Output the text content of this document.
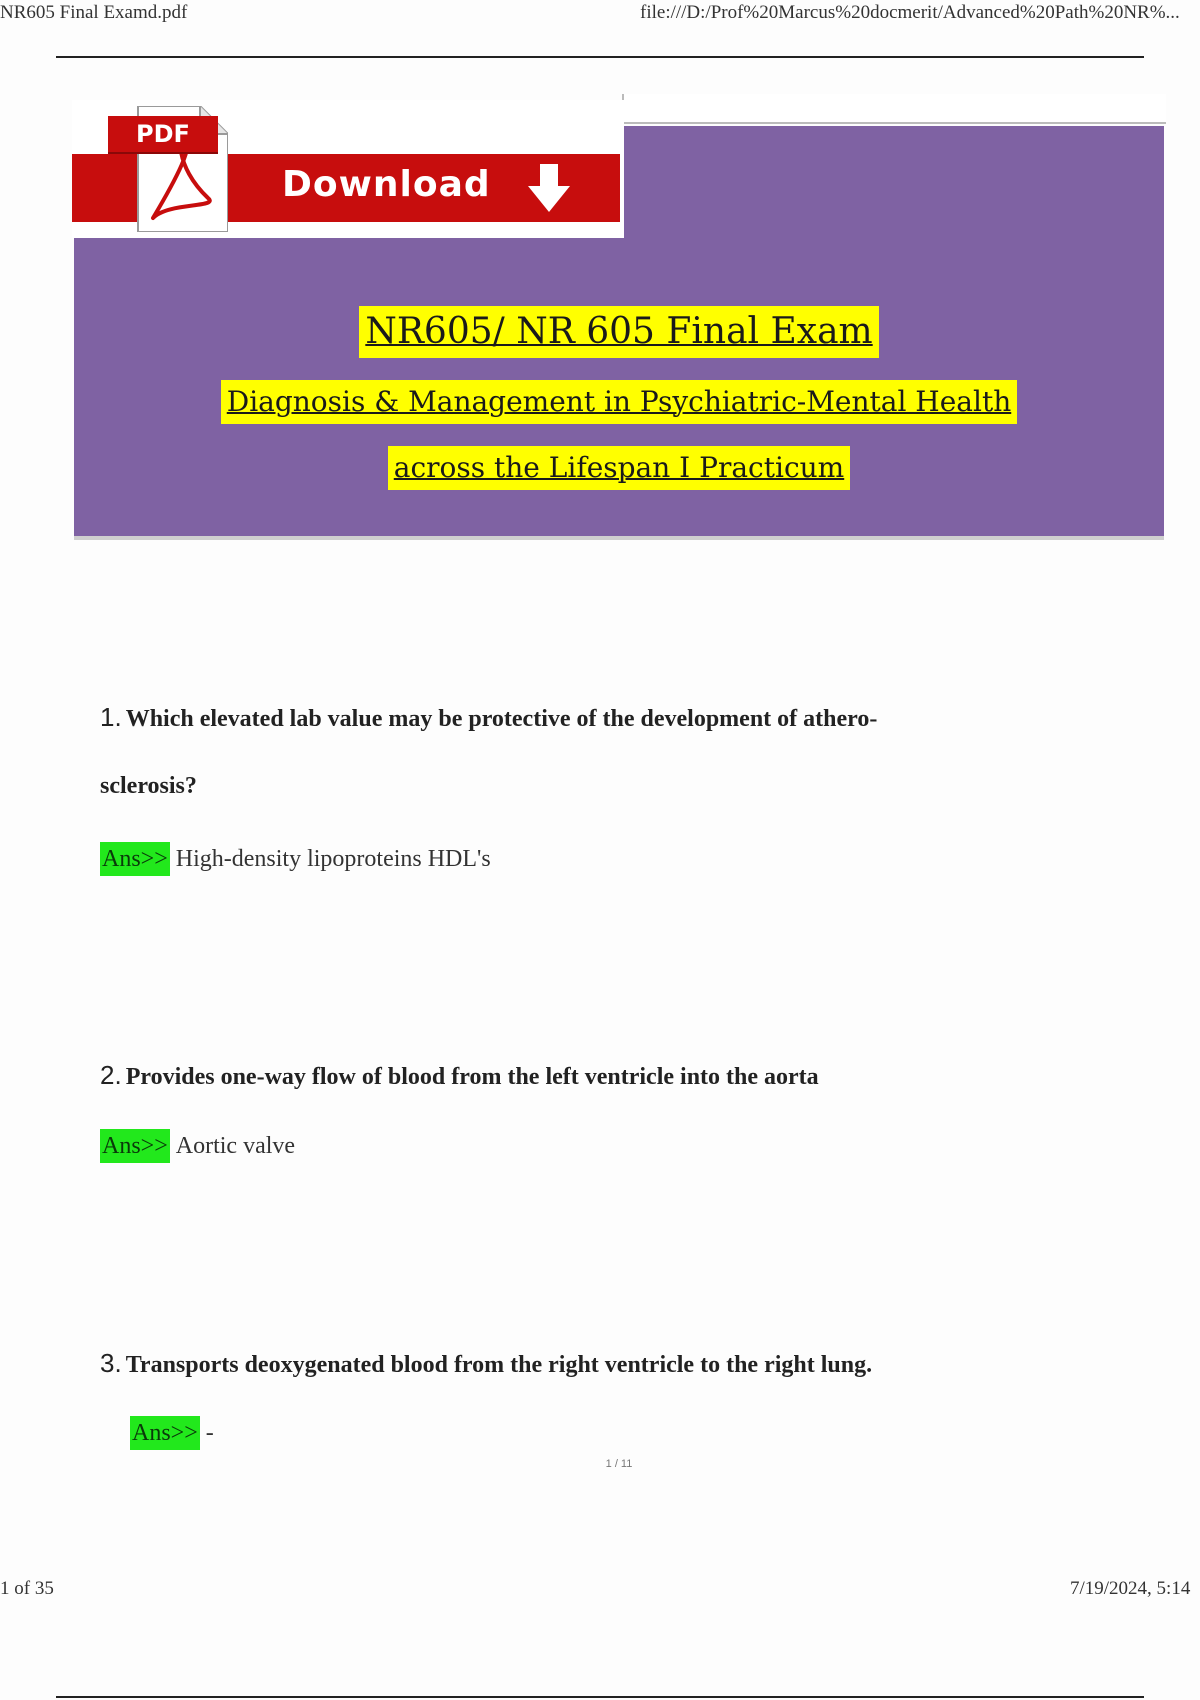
NR605 Final Examd.pdf	file:///D:/Prof%20Marcus%20docmerit/Advanced%20Path%20NR%...
PDF
Download
NR605/ NR 605 Final Exam
Diagnosis & Management in Psychiatric-Mental Health
across the Lifespan I Practicum
1. Which elevated lab value may be protective of the development of athero-
sclerosis?
Ans>> High-density lipoproteins HDL's
2. Provides one-way flow of blood from the left ventricle into the aorta
Ans>> Aortic valve
3. Transports deoxygenated blood from the right ventricle to the right lung.
Ans>> -
1 / 11
1 of 35	7/19/2024, 5:14
